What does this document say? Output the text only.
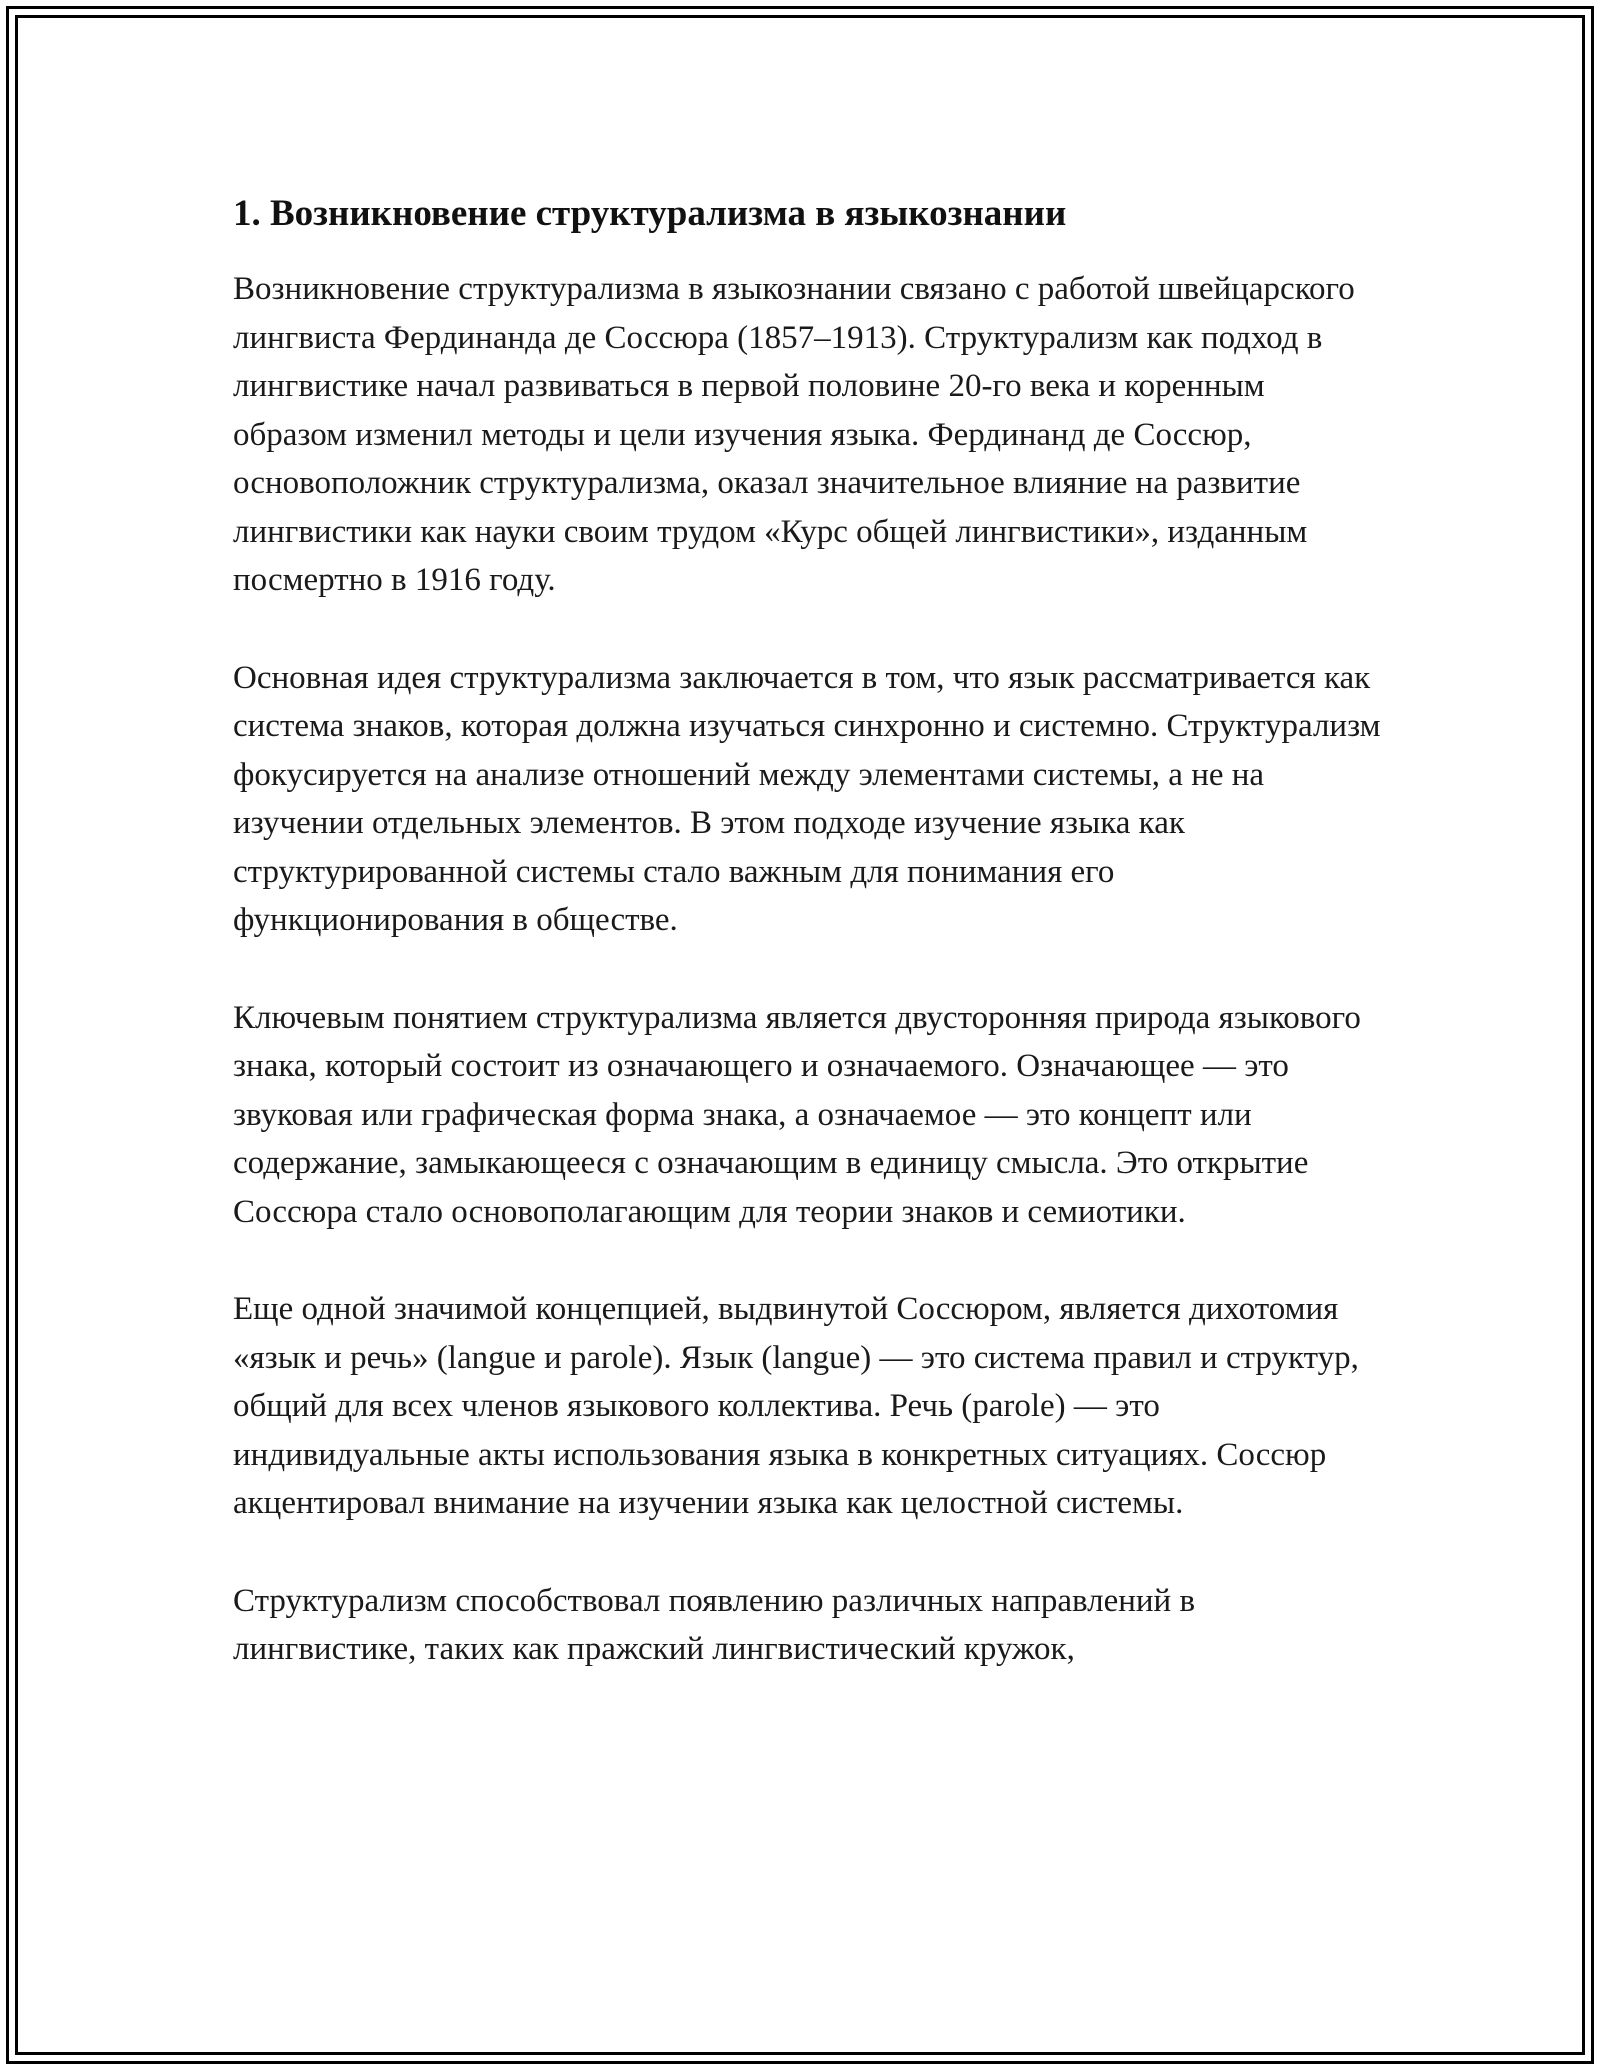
1. Возникновение структурализма в языкознании

Возникновение структурализма в языкознании связано с работой швейцарского лингвиста Фердинанда де Соссюра (1857–1913). Структурализм как подход в лингвистике начал развиваться в первой половине 20-го века и коренным образом изменил методы и цели изучения языка. Фердинанд де Соссюр, основоположник структурализма, оказал значительное влияние на развитие лингвистики как науки своим трудом «Курс общей лингвистики», изданным посмертно в 1916 году.

Основная идея структурализма заключается в том, что язык рассматривается как система знаков, которая должна изучаться синхронно и системно. Структурализм фокусируется на анализе отношений между элементами системы, а не на изучении отдельных элементов. В этом подходе изучение языка как структурированной системы стало важным для понимания его функционирования в обществе.

Ключевым понятием структурализма является двусторонняя природа языкового знака, который состоит из означающего и означаемого. Означающее — это звуковая или графическая форма знака, а означаемое — это концепт или содержание, замыкающееся с означающим в единицу смысла. Это открытие Соссюра стало основополагающим для теории знаков и семиотики.

Еще одной значимой концепцией, выдвинутой Соссюром, является дихотомия «язык и речь» (langue и parole). Язык (langue) — это система правил и структур, общий для всех членов языкового коллектива. Речь (parole) — это индивидуальные акты использования языка в конкретных ситуациях. Соссюр акцентировал внимание на изучении языка как целостной системы.

Структурализм способствовал появлению различных направлений в лингвистике, таких как пражский лингвистический кружок,
